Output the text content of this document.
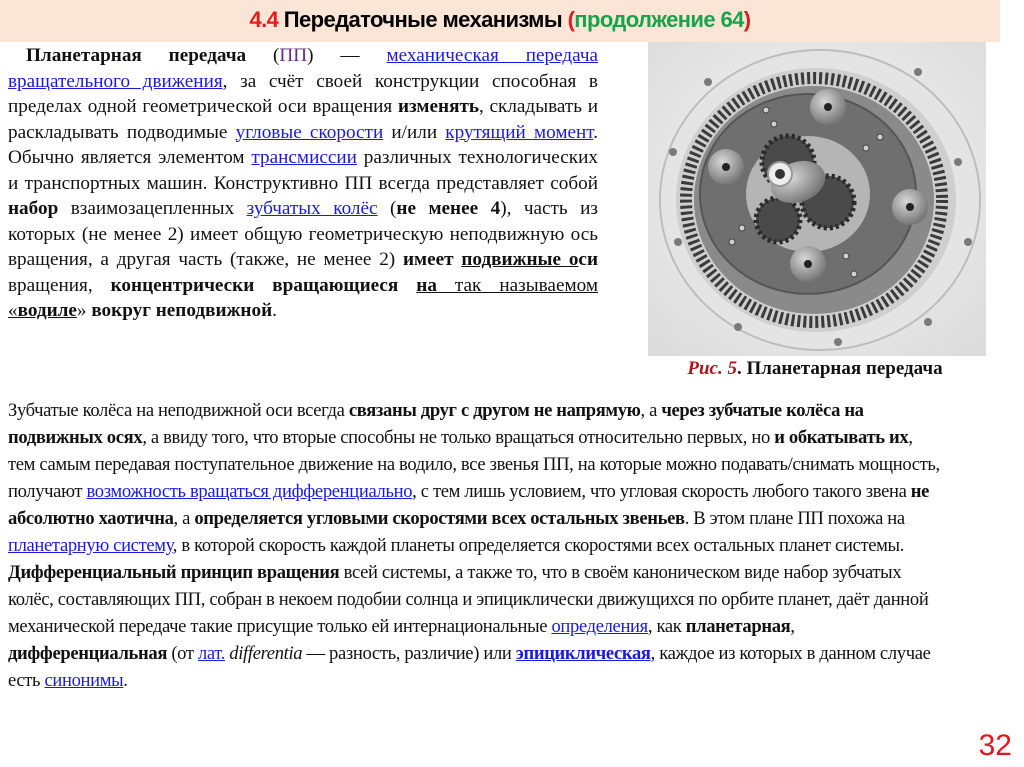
4.4 Передаточные механизмы (продолжение 64)

Планетарная передача (ПП) — механическая передача вращательного движения, за счёт своей конструкции способная в пределах одной геометрической оси вращения изменять, складывать и раскладывать подводимые угловые скорости и/или крутящий момент. Обычно является элементом трансмиссии различных технологических и транспортных машин. Конструктивно ПП всегда представляет собой набор взаимозацепленных зубчатых колёс (не менее 4), часть из которых (не менее 2) имеет общую геометрическую неподвижную ось вращения, а другая часть (также, не менее 2) имеет подвижные оси вращения, концентрически вращающиеся на так называемом «водиле» вокруг неподвижной.

Рис. 5. Планетарная передача

Зубчатые колёса на неподвижной оси всегда связаны друг с другом не напрямую, а через зубчатые колёса на подвижных осях, а ввиду того, что вторые способны не только вращаться относительно первых, но и обкатывать их, тем самым передавая поступательное движение на водило, все звенья ПП, на которые можно подавать/снимать мощность, получают возможность вращаться дифференциально, с тем лишь условием, что угловая скорость любого такого звена не абсолютно хаотична, а определяется угловыми скоростями всех остальных звеньев. В этом плане ПП похожа на планетарную систему, в которой скорость каждой планеты определяется скоростями всех остальных планет системы. Дифференциальный принцип вращения всей системы, а также то, что в своём каноническом виде набор зубчатых колёс, составляющих ПП, собран в некоем подобии солнца и эпициклически движущихся по орбите планет, даёт данной механической передаче такие присущие только ей интернациональные определения, как планетарная, дифференциальная (от лат. differentia — разность, различие) или эпициклическая, каждое из которых в данном случае есть синонимы.

32
